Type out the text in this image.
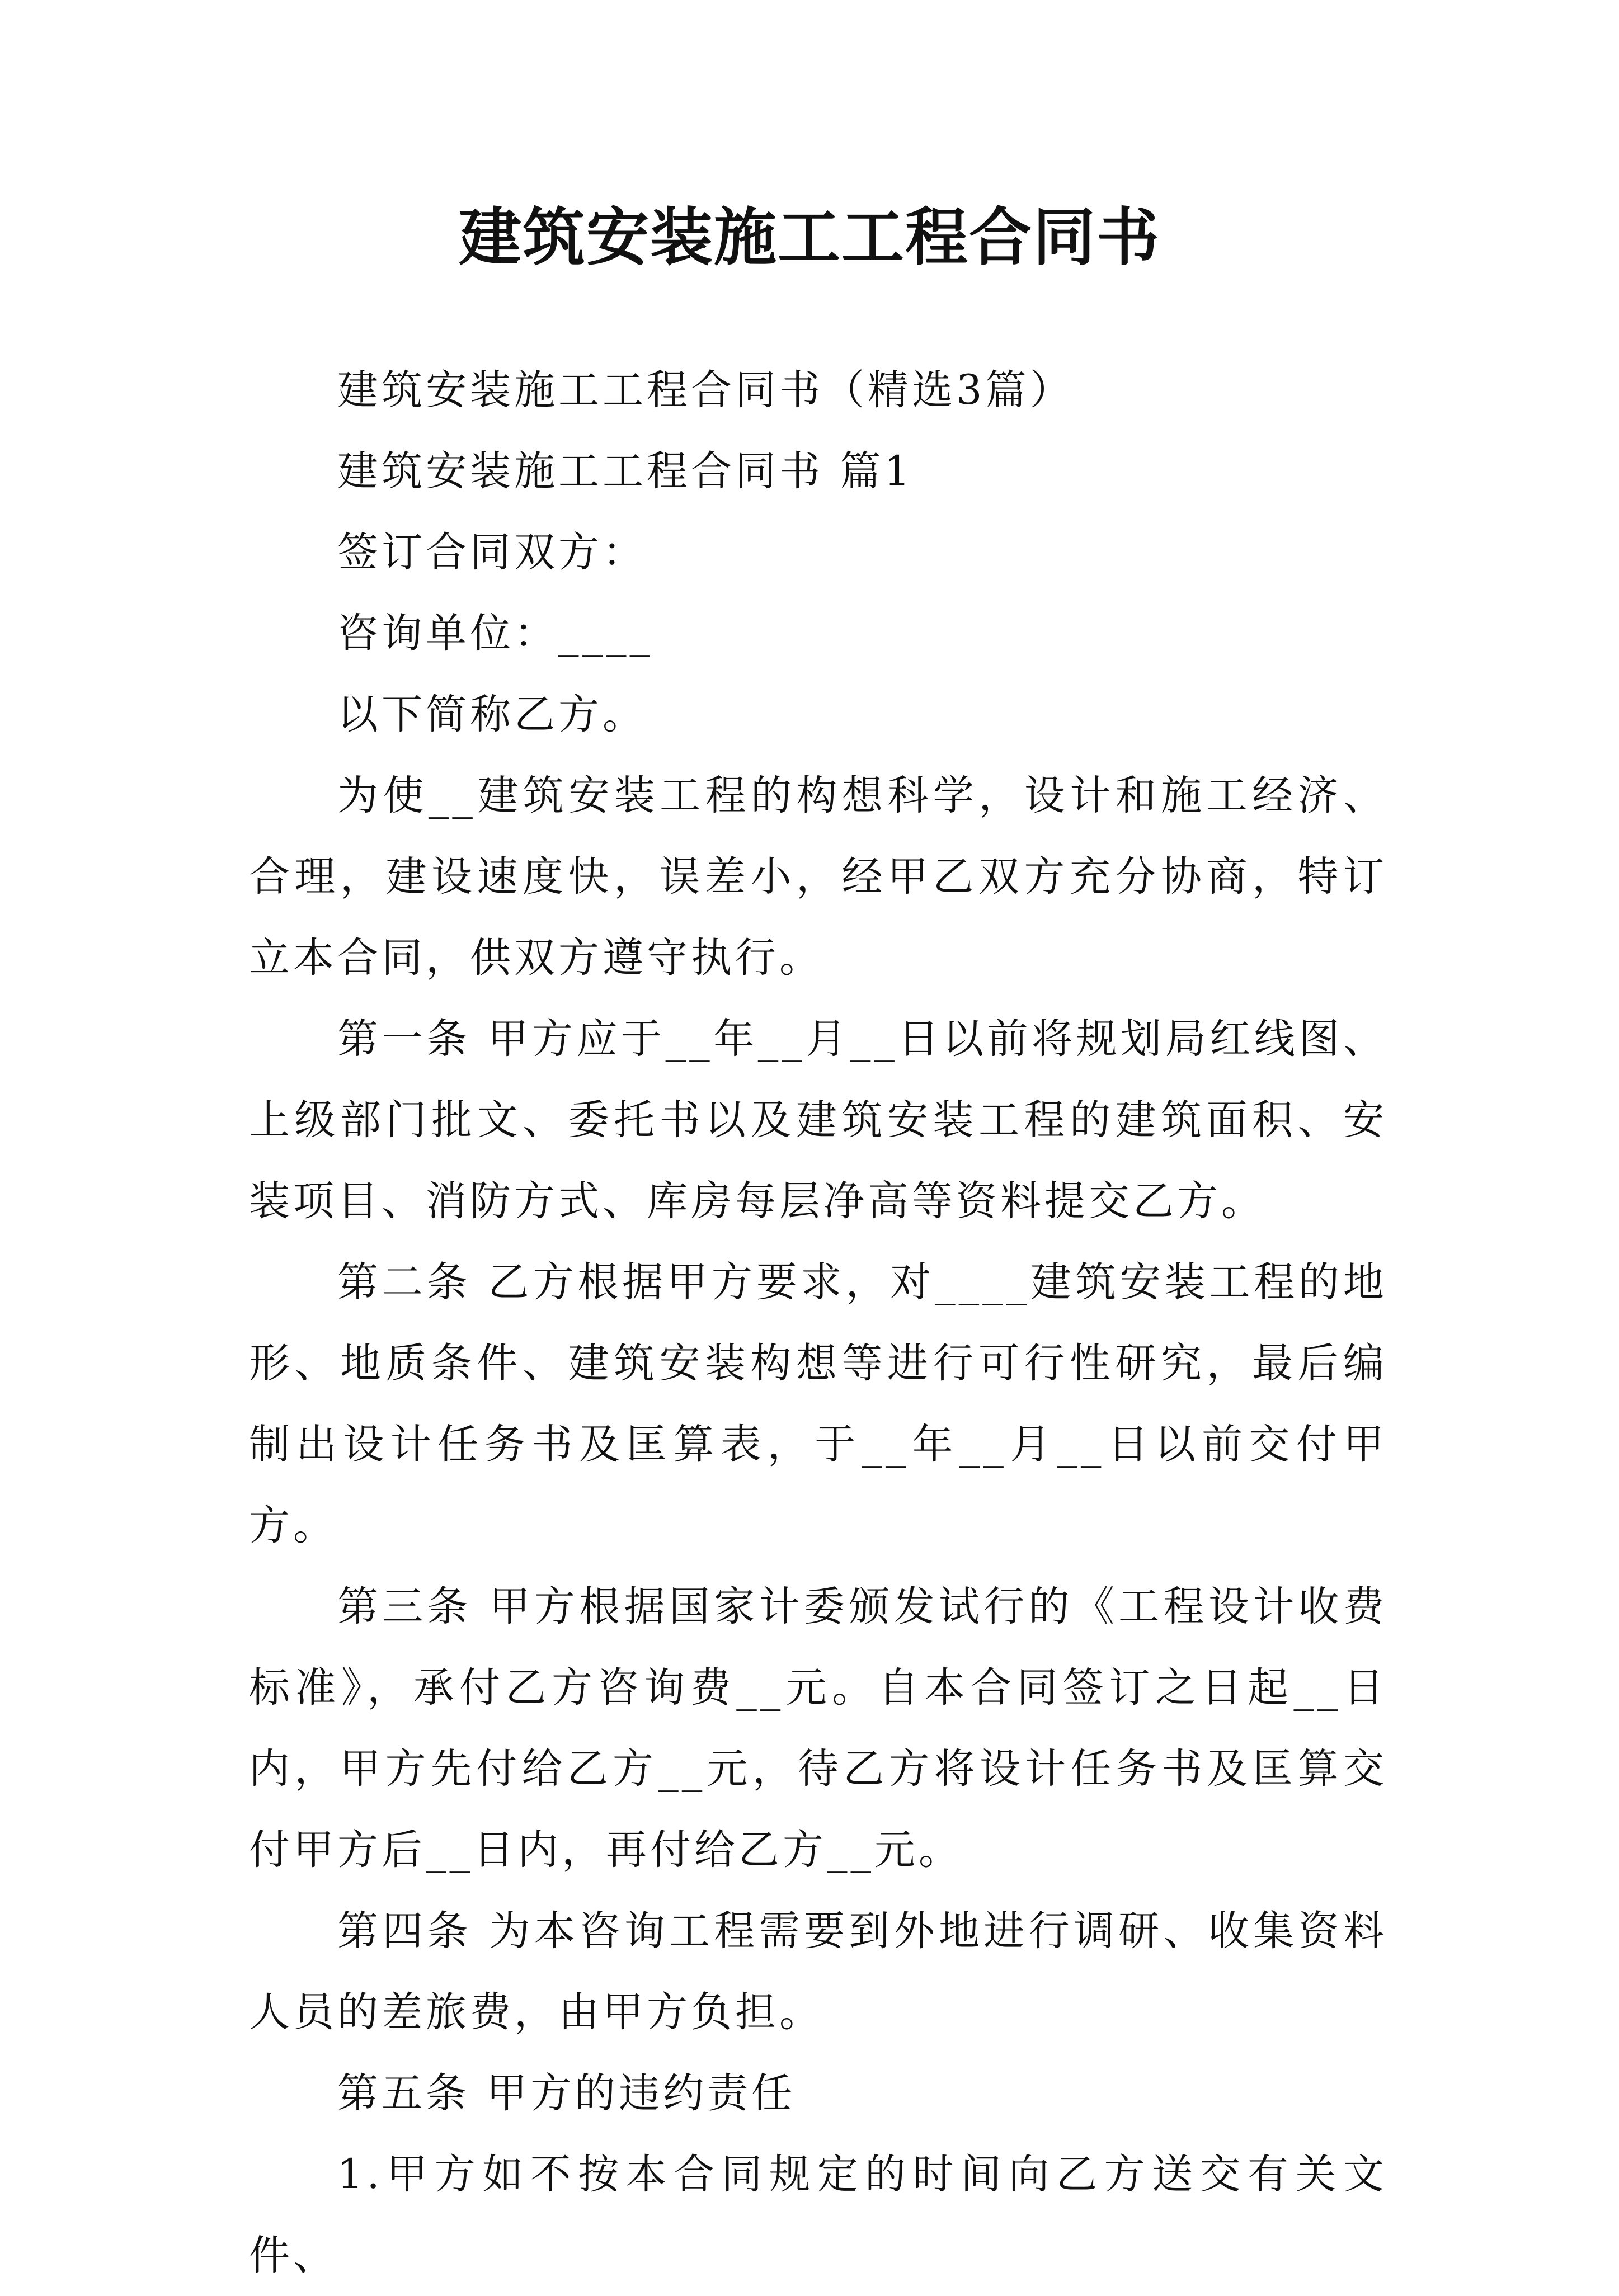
建筑安装施工工程合同书

建筑安装施工工程合同书（精选3篇）

建筑安装施工工程合同书 篇1

签订合同双方：

咨询单位：____

以下简称乙方。

为使__建筑安装工程的构想科学，设计和施工经济、合理，建设速度快，误差小，经甲乙双方充分协商，特订立本合同，供双方遵守执行。

第一条 甲方应于__年__月__日以前将规划局红线图、上级部门批文、委托书以及建筑安装工程的建筑面积、安装项目、消防方式、库房每层净高等资料提交乙方。

第二条 乙方根据甲方要求，对____建筑安装工程的地形、地质条件、建筑安装构想等进行可行性研究，最后编制出设计任务书及匡算表，于__年__月__日以前交付甲方。

第三条 甲方根据国家计委颁发试行的《工程设计收费标准》，承付乙方咨询费__元。自本合同签订之日起__日内，甲方先付给乙方__元，待乙方将设计任务书及匡算交付甲方后__日内，再付给乙方__元。

第四条 为本咨询工程需要到外地进行调研、收集资料人员的差旅费，由甲方负担。

第五条 甲方的违约责任

1.甲方如不按本合同规定的时间向乙方送交有关文件、
